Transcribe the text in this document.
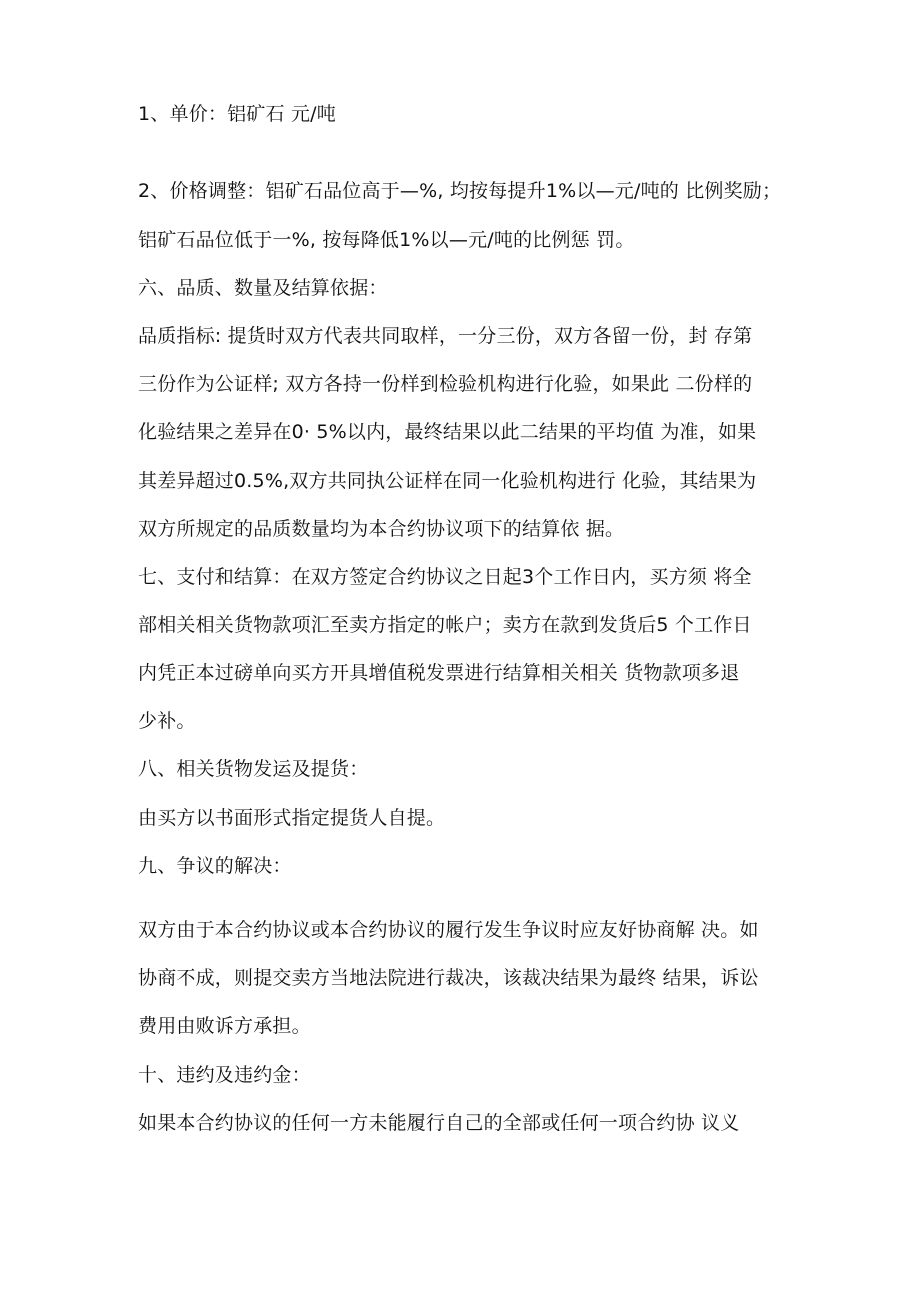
1、单价：铝矿石 元/吨
2、价格调整：铝矿石品位高于—%, 均按每提升1%以—元/吨的 比例奖励；
铝矿石品位低于一%, 按每降低1%以—元/吨的比例惩 罚。
六、品质、数量及结算依据：
品质指标: 提货时双方代表共同取样，一分三份，双方各留一份，封 存第
三份作为公证样; 双方各持一份样到检验机构进行化验，如果此 二份样的
化验结果之差异在0· 5%以内，最终结果以此二结果的平均值 为准，如果
其差异超过0.5%,双方共同执公证样在同一化验机构进行 化验，其结果为
双方所规定的品质数量均为本合约协议项下的结算依 据。
七、支付和结算：在双方签定合约协议之日起3个工作日内，买方须 将全
部相关相关货物款项汇至卖方指定的帐户；卖方在款到发货后5 个工作日
内凭正本过磅单向买方开具增值税发票进行结算相关相关 货物款项多退
少补。
八、相关货物发运及提货：
由买方以书面形式指定提货人自提。
九、争议的解决：
双方由于本合约协议或本合约协议的履行发生争议时应友好协商解 决。如
协商不成，则提交卖方当地法院进行裁决，该裁决结果为最终 结果，诉讼
费用由败诉方承担。
十、违约及违约金：
如果本合约协议的任何一方未能履行自己的全部或任何一项合约协 议义
